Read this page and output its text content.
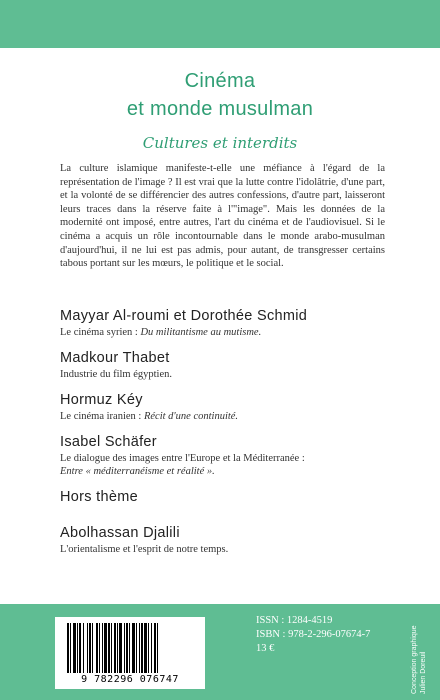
Cinéma
et monde musulman
Cultures et interdits
La culture islamique manifeste-t-elle une méfiance à l'égard de la représentation de l'image ? Il est vrai que la lutte contre l'idolâtrie, d'une part, et la volonté de se différencier des autres confessions, d'autre part, laisseront leurs traces dans la réserve faite à l'"image". Mais les données de la modernité ont imposé, entre autres, l'art du cinéma et de l'audiovisuel. Si le cinéma a acquis un rôle incontournable dans le monde arabo-musulman d'aujourd'hui, il ne lui est pas admis, pour autant, de transgresser certains tabous portant sur les mœurs, le politique et le social.
Mayyar Al-roumi et Dorothée Schmid
Le cinéma syrien : Du militantisme au mutisme.
Madkour Thabet
Industrie du film égyptien.
Hormuz Kéy
Le cinéma iranien : Récit d'une continuité.
Isabel Schäfer
Le dialogue des images entre l'Europe et la Méditerranée :
Entre « méditerranéisme et réalité ».
Hors thème
Abolhassan Djalili
L'orientalisme et l'esprit de notre temps.
9 782296 076747
ISSN : 1284-4519
ISBN : 978-2-296-07674-7
13 €	Conception graphique Julien Doreuil
